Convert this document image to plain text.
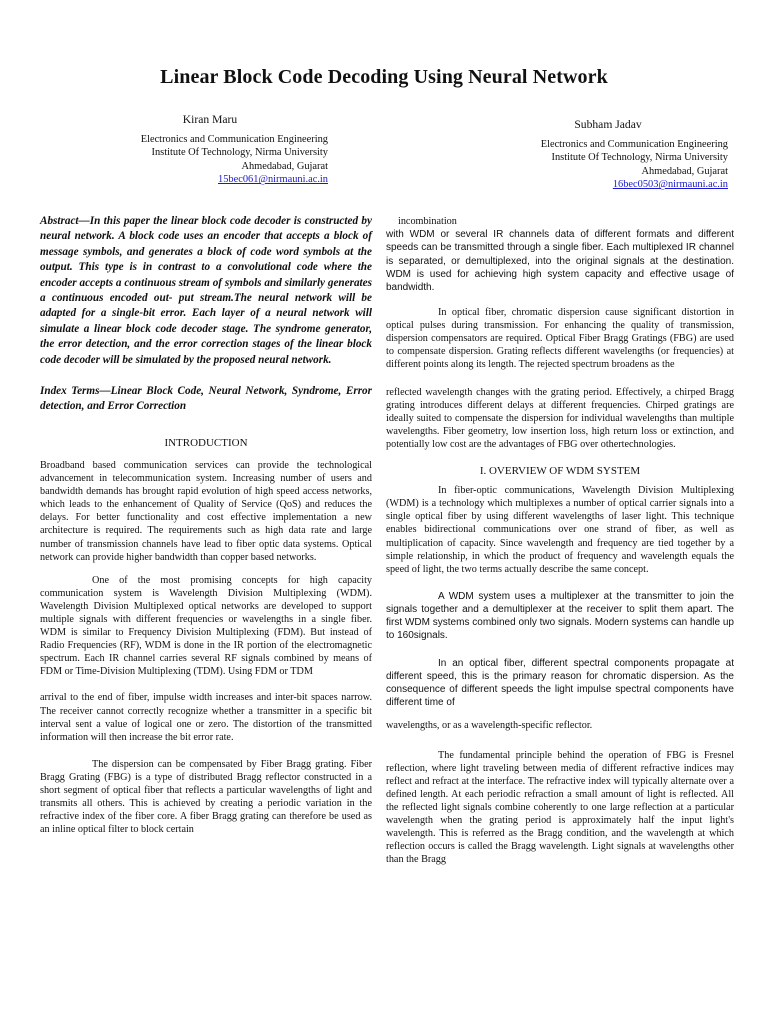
Linear Block Code Decoding Using Neural Network
Kiran Maru
Electronics and Communication Engineering
Institute Of Technology, Nirma University
Ahmedabad, Gujarat
15bec061@nirmauni.ac.in
Subham Jadav
Electronics and Communication Engineering
Institute Of Technology, Nirma University
Ahmedabad, Gujarat
16bec0503@nirmauni.ac.in

Abstract—In this paper the linear block code decoder is constructed by neural network. A block code uses an encoder that accepts a block of message symbols, and generates a block of code word symbols at the output. This type is in contrast to a convolutional code where the encoder accepts a continuous stream of symbols and similarly generates a continuous encoded out- put stream.The neural network will be adapted for a single-bit error. Each layer of a neural network will simulate a linear block code decoder stage. The syndrome generator, the error detection, and the error correction stages of the linear block code decoder will be simulated by the proposed neural network.

Index Terms—Linear Block Code, Neural Network, Syndrome, Error detection, and Error Correction

INTRODUCTION

Broadband based communication services can provide the technological advancement in telecommunication system. Increasing number of users and bandwidth demands has brought rapid evolution of high speed access networks, which leads to the enhancement of Quality of Service (QoS) and reduces the delays. For better functionality and cost effective implementation a new architecture is required. The requirements such as high data rate and large number of transmission channels have lead to fiber optic data systems. Optical network can provide higher bandwidth than copper based networks.

One of the most promising concepts for high capacity communication system is Wavelength Division Multiplexing (WDM). Wavelength Division Multiplexed optical networks are developed to support multiple signals with different frequencies or wavelengths in a single fiber. WDM is similar to Frequency Division Multiplexing (FDM). But instead of Radio Frequencies (RF), WDM is done in the IR portion of the electromagnetic spectrum. Each IR channel carries several RF signals combined by means of FDM or Time-Division Multiplexing (TDM). Using FDM or TDM

arrival to the end of fiber, impulse width increases and inter-bit spaces narrow. The receiver cannot correctly recognize whether a transmitter in a specific bit interval sent a value of logical one or zero. The distortion of the transmitted information will then increase the bit error rate.

The dispersion can be compensated by Fiber Bragg grating. Fiber Bragg Grating (FBG) is a type of distributed Bragg reflector constructed in a short segment of optical fiber that reflects a particular wavelengths of light and transmits all others. This is achieved by creating a periodic variation in the refractive index of the fiber core. A fiber Bragg grating can therefore be used as an inline optical filter to block certain

incombination

with WDM or several IR channels data of different formats and different speeds can be transmitted through a single fiber. Each multiplexed IR channel is separated, or demultiplexed, into the original signals at the destination. WDM is used for achieving high system capacity and effective usage of bandwidth.

In optical fiber, chromatic dispersion cause significant distortion in optical pulses during transmission. For enhancing the quality of transmission, dispersion compensators are required. Optical Fiber Bragg Gratings (FBG) are used to compensate dispersion. Grating reflects different wavelengths (or frequencies) at different points along its length. The rejected spectrum broadens as the

reflected wavelength changes with the grating period. Effectively, a chirped Bragg grating introduces different delays at different frequencies. Chirped gratings are ideally suited to compensate the dispersion for individual wavelengths than multiple wavelengths. Fiber geometry, low insertion loss, high return loss or extinction, and potentially low cost are the advantages of FBG over othertechnologies.

I. OVERVIEW OF WDM SYSTEM

In fiber-optic communications, Wavelength Division Multiplexing (WDM) is a technology which multiplexes a number of optical carrier signals into a single optical fiber by using different wavelengths of laser light. This technique enables bidirectional communications over one strand of fiber, as well as multiplication of capacity. Since wavelength and frequency are tied together by a simple relationship, in which the product of frequency and wavelength equals the speed of light, the two terms actually describe the same concept.

A WDM system uses a multiplexer at the transmitter to join the signals together and a demultiplexer at the receiver to split them apart. The first WDM systems combined only two signals. Modern systems can handle up to 160signals.

In an optical fiber, different spectral components propagate at different speed, this is the primary reason for chromatic dispersion. As the consequence of different speeds the light impulse spectral components have different time of

wavelengths, or as a wavelength-specific reflector.

The fundamental principle behind the operation of FBG is Fresnel reflection, where light traveling between media of different refractive indices may reflect and refract at the interface. The refractive index will typically alternate over a defined length. At each periodic refraction a small amount of light is reflected. All the reflected light signals combine coherently to one large reflection at a particular wavelength when the grating period is approximately half the input light's wavelength. This is referred as the Bragg condition, and the wavelength at which reflection occurs is called the Bragg wavelength. Light signals at wavelengths other than the Bragg
